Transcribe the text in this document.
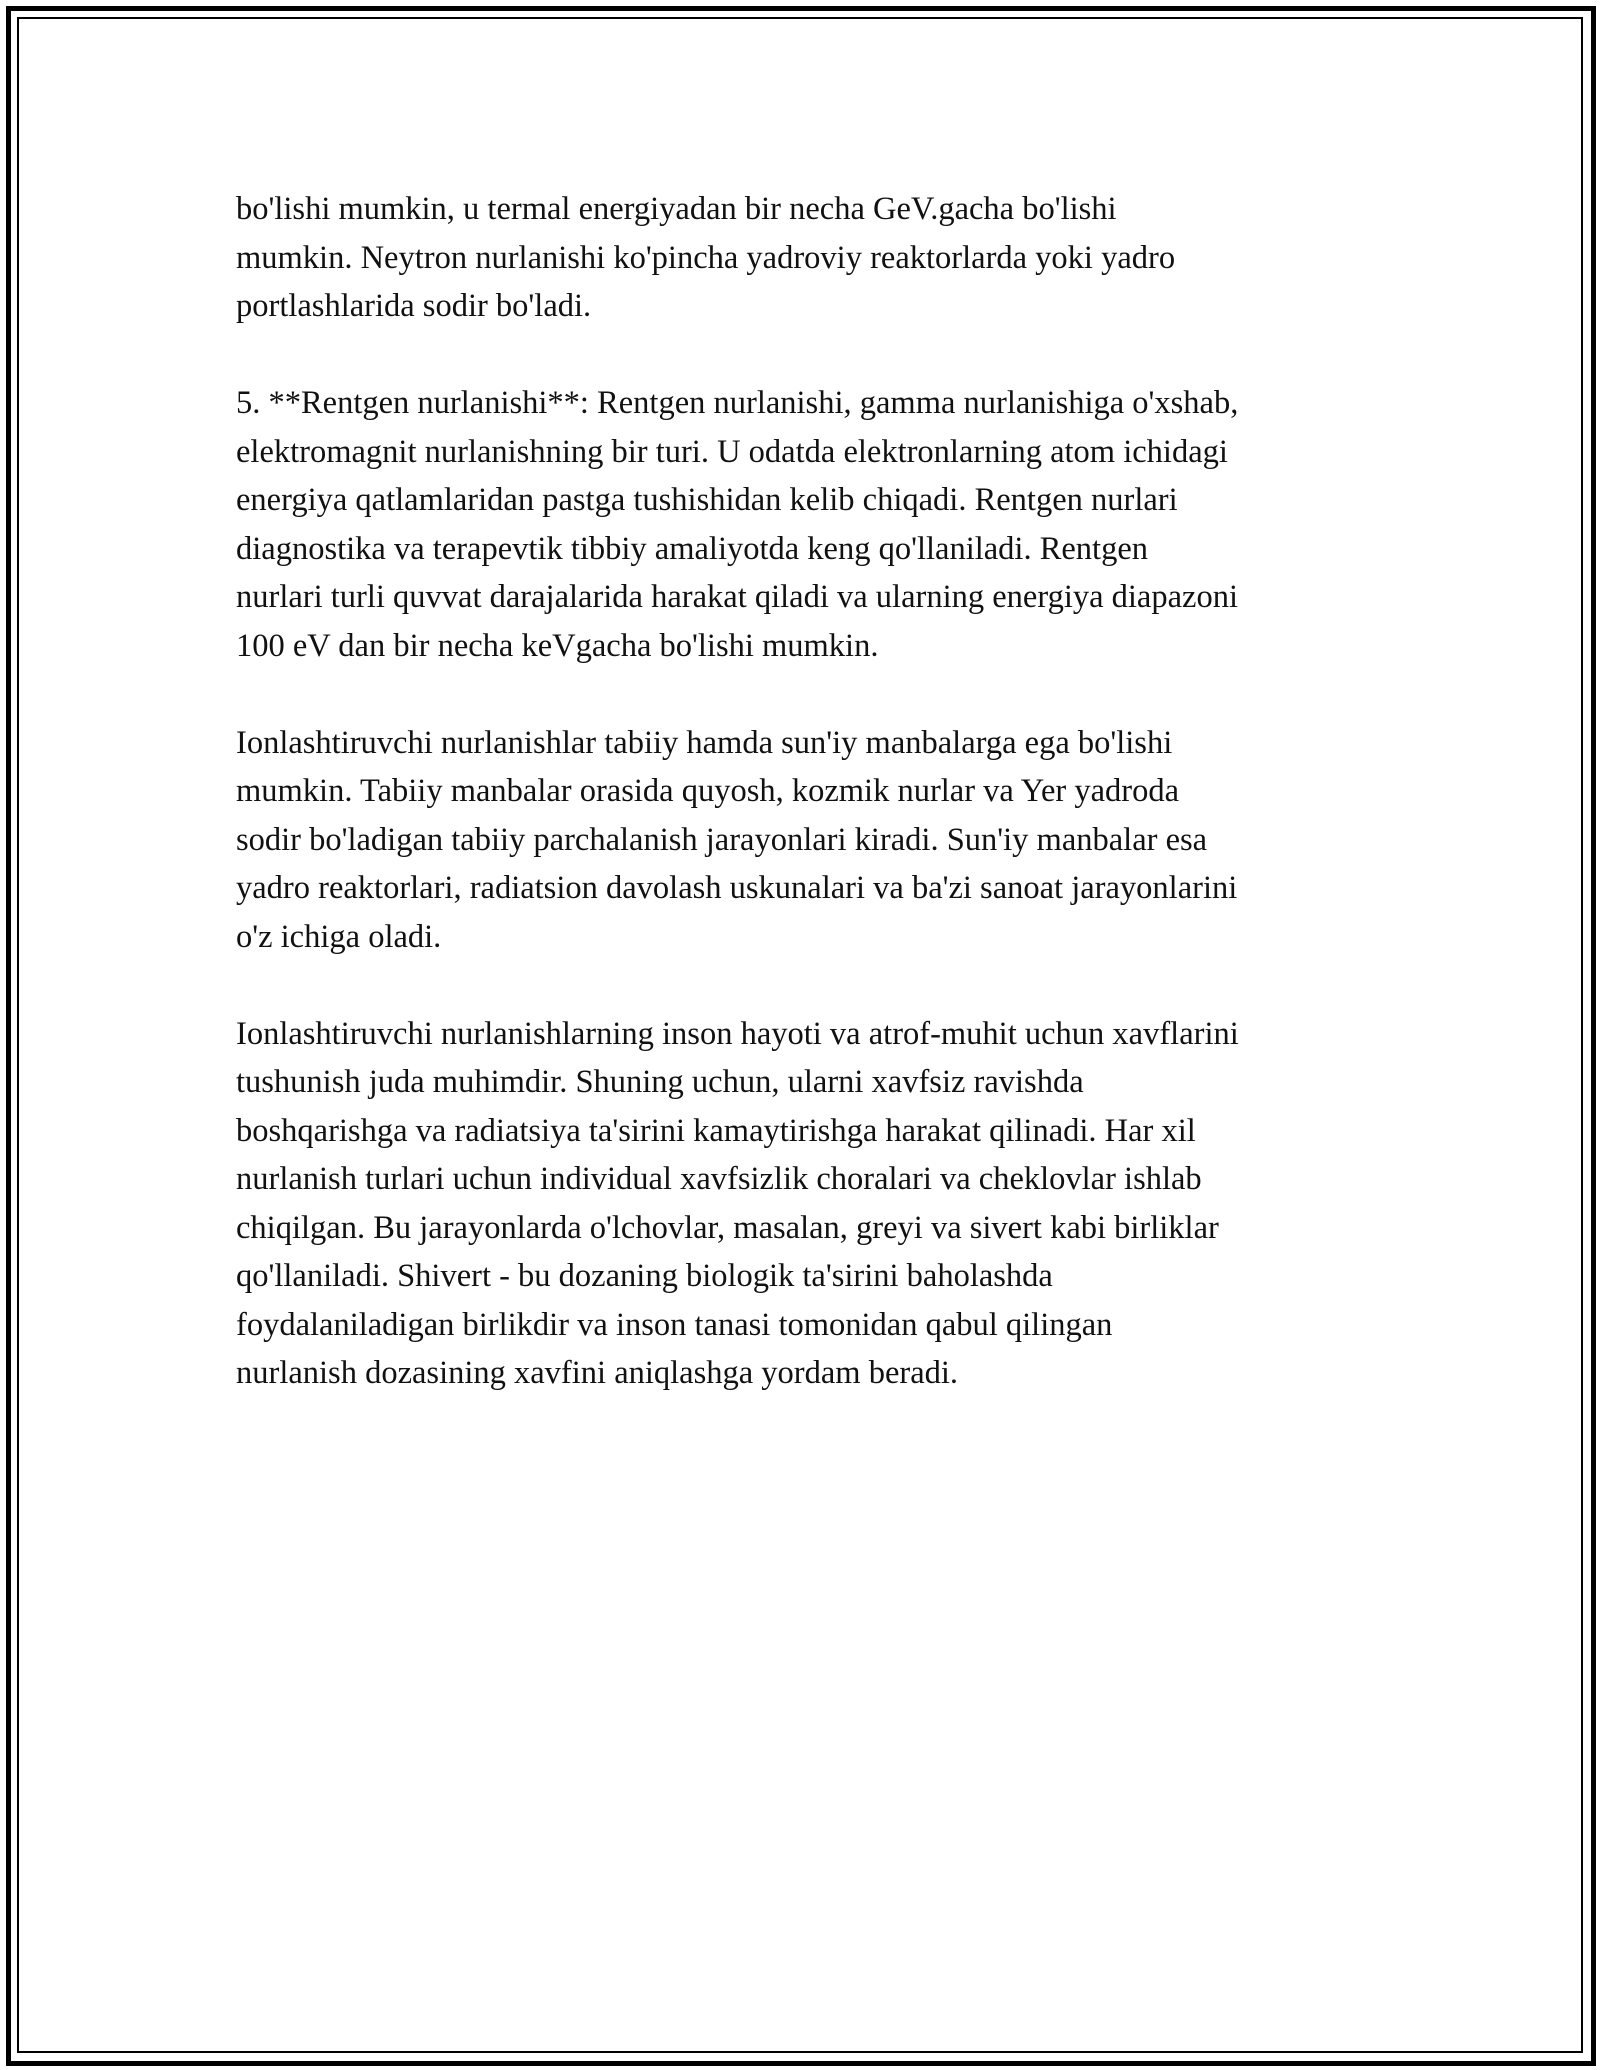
bo'lishi mumkin, u termal energiyadan bir necha GeV.gacha bo'lishi
mumkin. Neytron nurlanishi ko'pincha yadroviy reaktorlarda yoki yadro
portlashlarida sodir bo'ladi.

5. **Rentgen nurlanishi**: Rentgen nurlanishi, gamma nurlanishiga o'xshab,
elektromagnit nurlanishning bir turi. U odatda elektronlarning atom ichidagi
energiya qatlamlaridan pastga tushishidan kelib chiqadi. Rentgen nurlari
diagnostika va terapevtik tibbiy amaliyotda keng qo'llaniladi. Rentgen
nurlari turli quvvat darajalarida harakat qiladi va ularning energiya diapazoni
100 eV dan bir necha keVgacha bo'lishi mumkin.

Ionlashtiruvchi nurlanishlar tabiiy hamda sun'iy manbalarga ega bo'lishi
mumkin. Tabiiy manbalar orasida quyosh, kozmik nurlar va Yer yadroda
sodir bo'ladigan tabiiy parchalanish jarayonlari kiradi. Sun'iy manbalar esa
yadro reaktorlari, radiatsion davolash uskunalari va ba'zi sanoat jarayonlarini
o'z ichiga oladi.

Ionlashtiruvchi nurlanishlarning inson hayoti va atrof-muhit uchun xavflarini
tushunish juda muhimdir. Shuning uchun, ularni xavfsiz ravishda
boshqarishga va radiatsiya ta'sirini kamaytirishga harakat qilinadi. Har xil
nurlanish turlari uchun individual xavfsizlik choralari va cheklovlar ishlab
chiqilgan. Bu jarayonlarda o'lchovlar, masalan, greyi va sivert kabi birliklar
qo'llaniladi. Shivert - bu dozaning biologik ta'sirini baholashda
foydalaniladigan birlikdir va inson tanasi tomonidan qabul qilingan
nurlanish dozasining xavfini aniqlashga yordam beradi.
